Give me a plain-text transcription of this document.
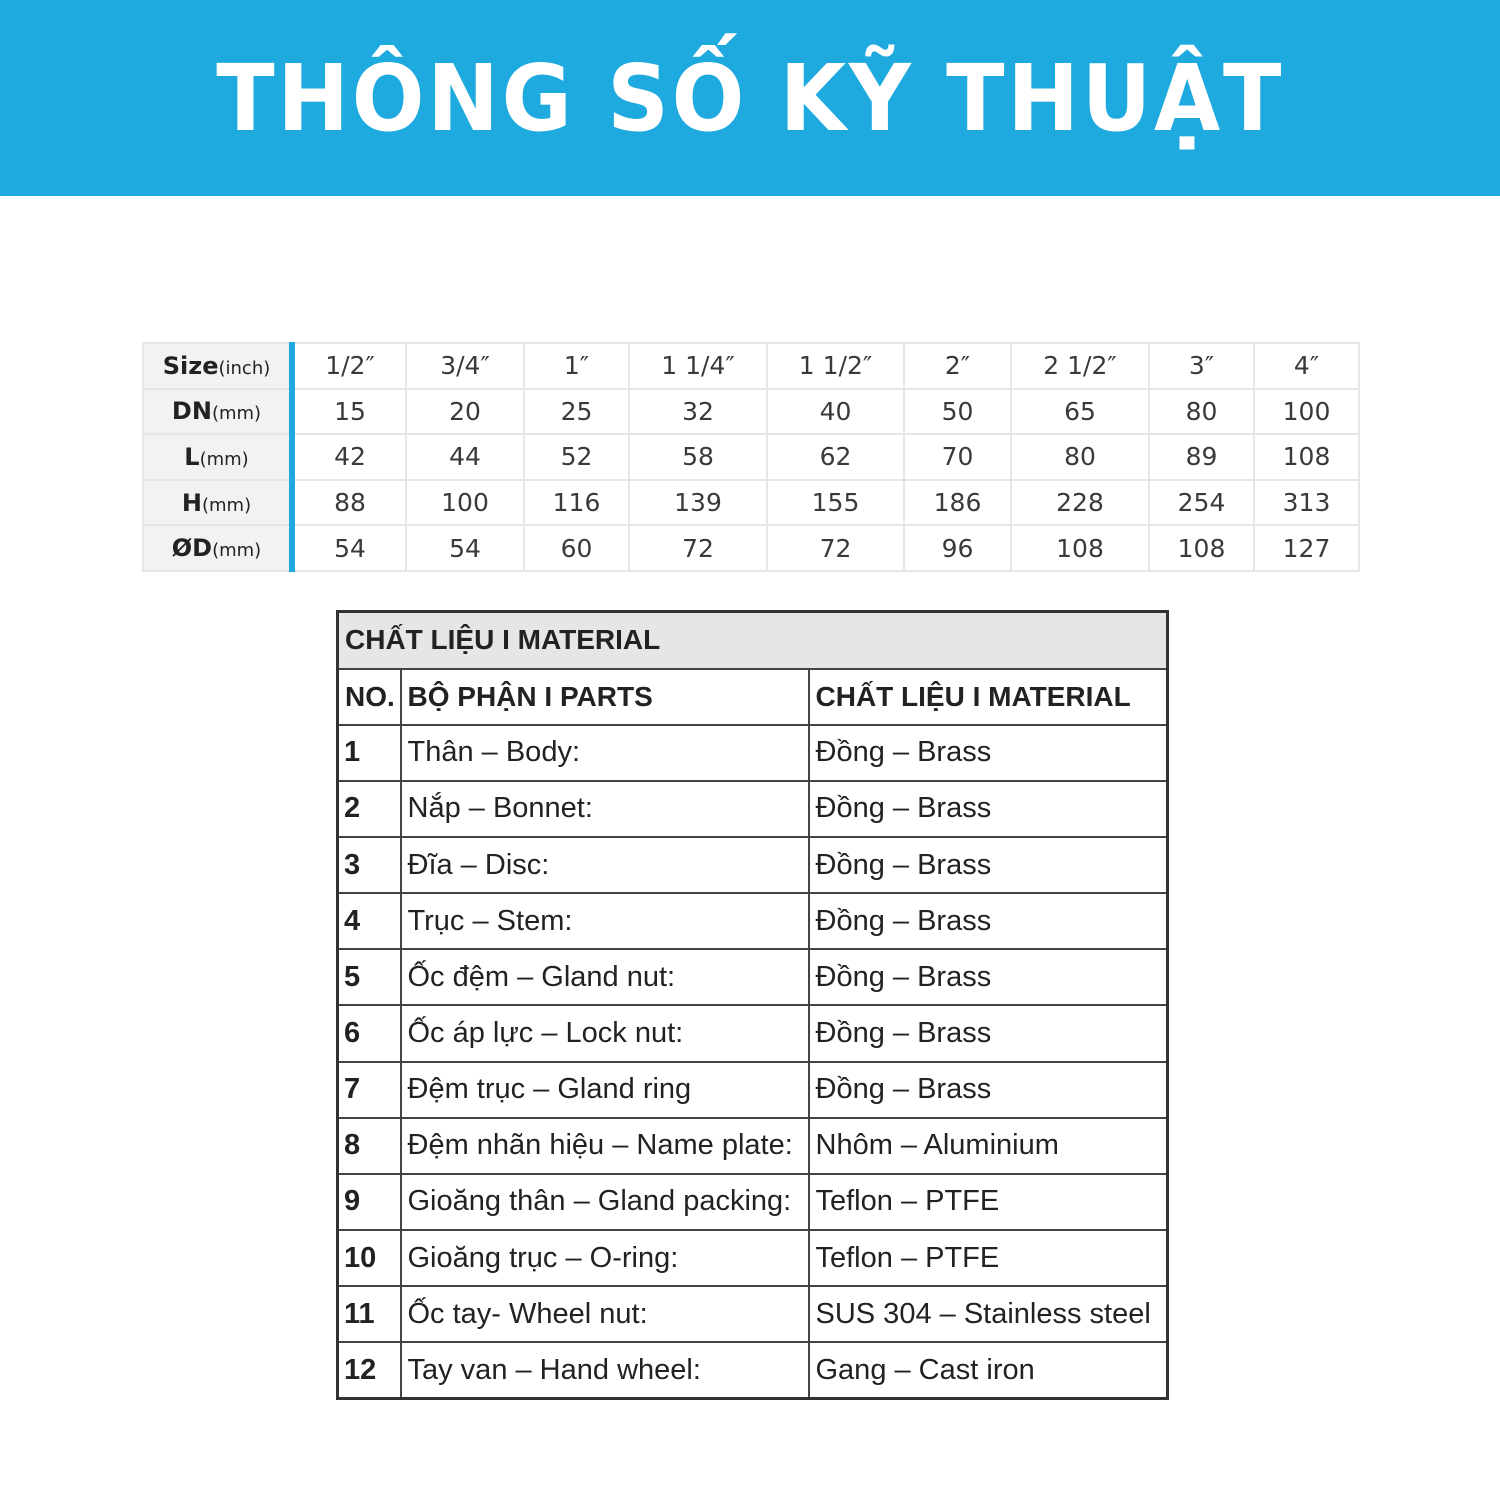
THÔNG SỐ KỸ THUẬT
Size(inch)	1/2″	3/4″	1″	1 1/4″	1 1/2″	2″	2 1/2″	3″	4″
DN(mm)	15	20	25	32	40	50	65	80	100
L(mm)	42	44	52	58	62	70	80	89	108
H(mm)	88	100	116	139	155	186	228	254	313
ØD(mm)	54	54	60	72	72	96	108	108	127
CHẤT LIỆU I MATERIAL		
NO.	BỘ PHẬN I PARTS	CHẤT LIỆU I MATERIAL
1	Thân – Body:	Đồng – Brass
2	Nắp – Bonnet:	Đồng – Brass
3	Đĩa – Disc:	Đồng – Brass
4	Trục – Stem:	Đồng – Brass
5	Ốc đệm – Gland nut:	Đồng – Brass
6	Ốc áp lực – Lock nut:	Đồng – Brass
7	Đệm trục – Gland ring	Đồng – Brass
8	Đệm nhãn hiệu – Name plate:	Nhôm – Aluminium
9	Gioăng thân – Gland packing:	Teflon – PTFE
10	Gioăng trục – O-ring:	Teflon – PTFE
11	Ốc tay- Wheel nut:	SUS 304 – Stainless steel
12	Tay van – Hand wheel:	Gang – Cast iron
